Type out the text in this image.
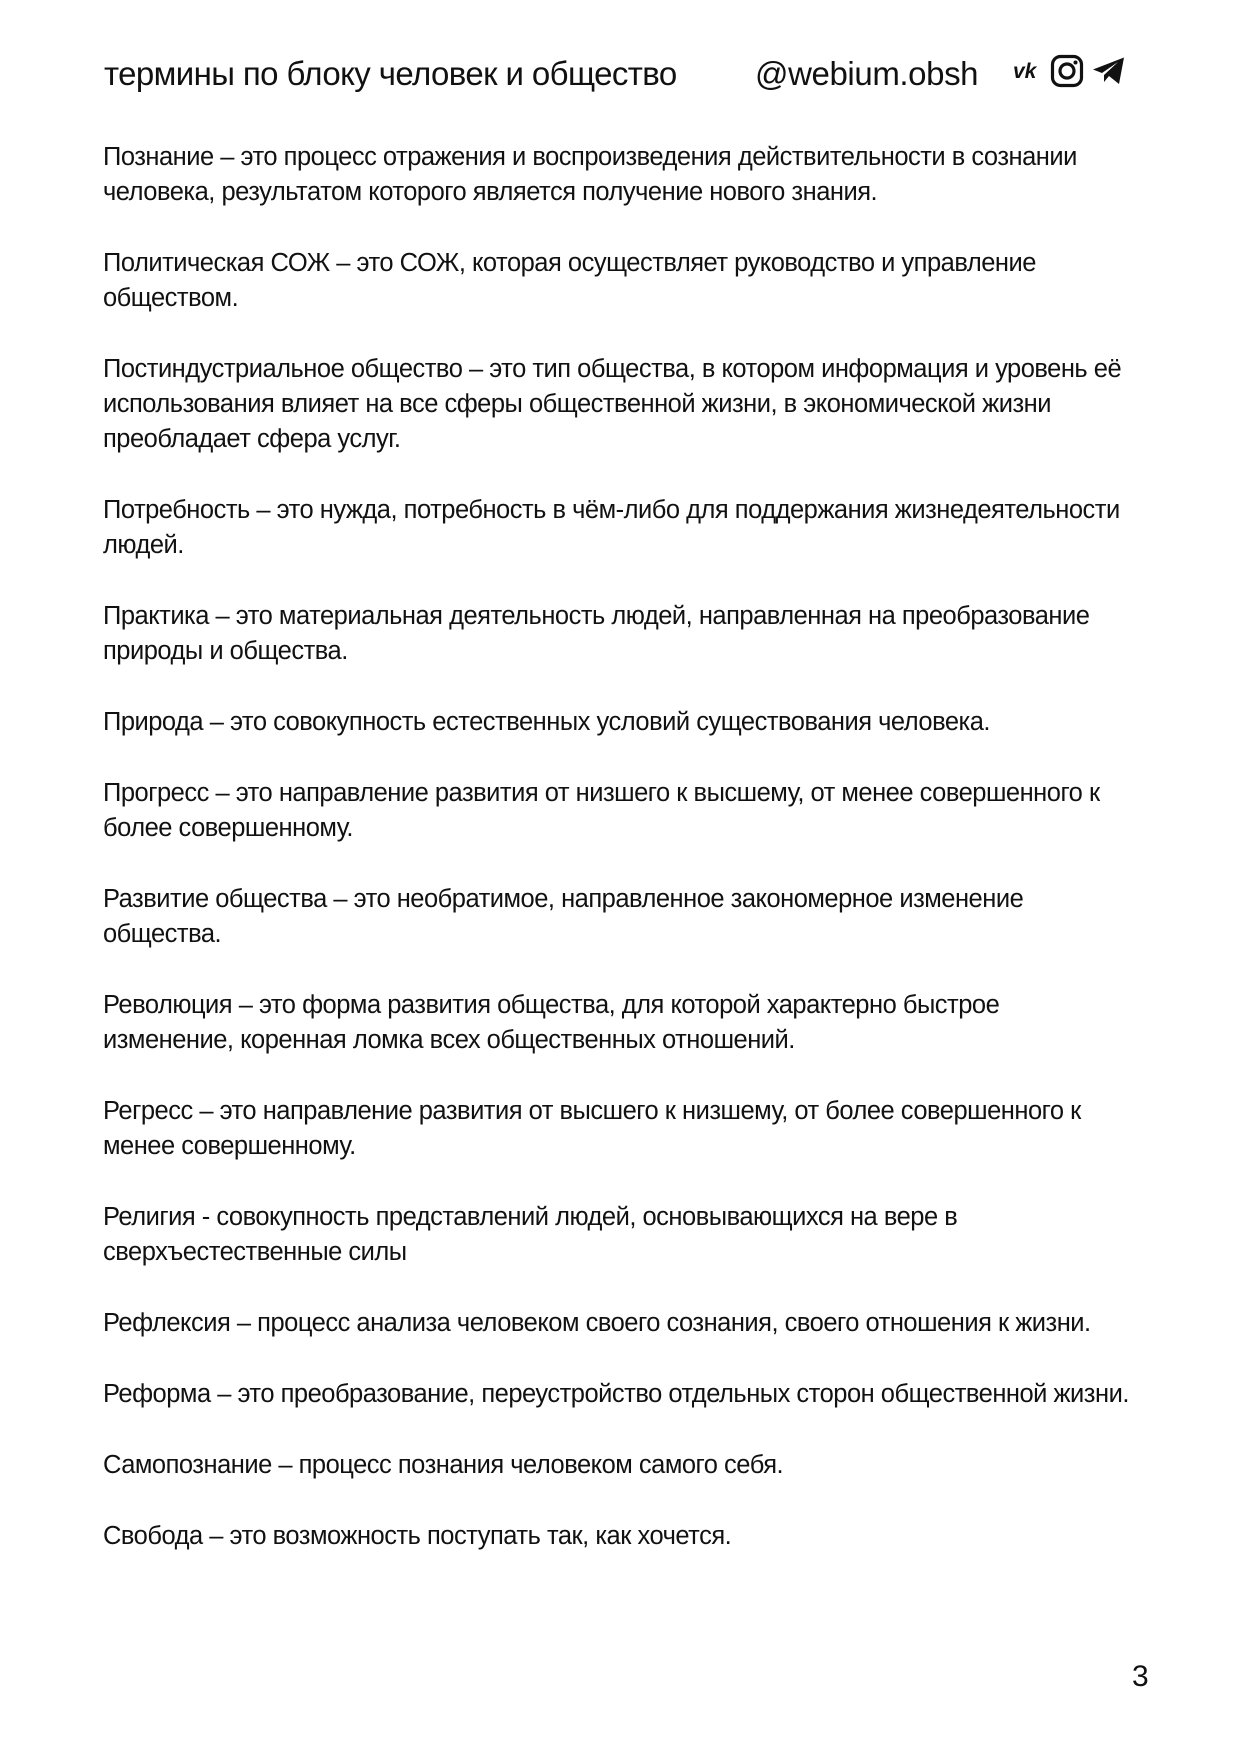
термины по блоку человек и общество @webium.obsh vk
Познание – это процесс отражения и воспроизведения действительности в сознании человека, результатом которого является получение нового знания.
Политическая СОЖ – это СОЖ, которая осуществляет руководство и управление обществом.
Постиндустриальное общество – это тип общества, в котором информация и уровень её использования влияет на все сферы общественной жизни, в экономической жизни преобладает сфера услуг.
Потребность – это нужда, потребность в чём-либо для поддержания жизнедеятельности людей.
Практика – это материальная деятельность людей, направленная на преобразование природы и общества.
Природа – это совокупность естественных условий существования человека.
Прогресс – это направление развития от низшего к высшему, от менее совершенного к более совершенному.
Развитие общества – это необратимое, направленное закономерное изменение общества.
Революция – это форма развития общества, для которой характерно быстрое изменение, коренная ломка всех общественных отношений.
Регресс – это направление развития от высшего к низшему, от более совершенного к менее совершенному.
Религия - совокупность представлений людей, основывающихся на вере в сверхъестественные силы
Рефлексия – процесс анализа человеком своего сознания, своего отношения к жизни.
Реформа – это преобразование, переустройство отдельных сторон общественной жизни.
Самопознание – процесс познания человеком самого себя.
Свобода – это возможность поступать так, как хочется.
3
